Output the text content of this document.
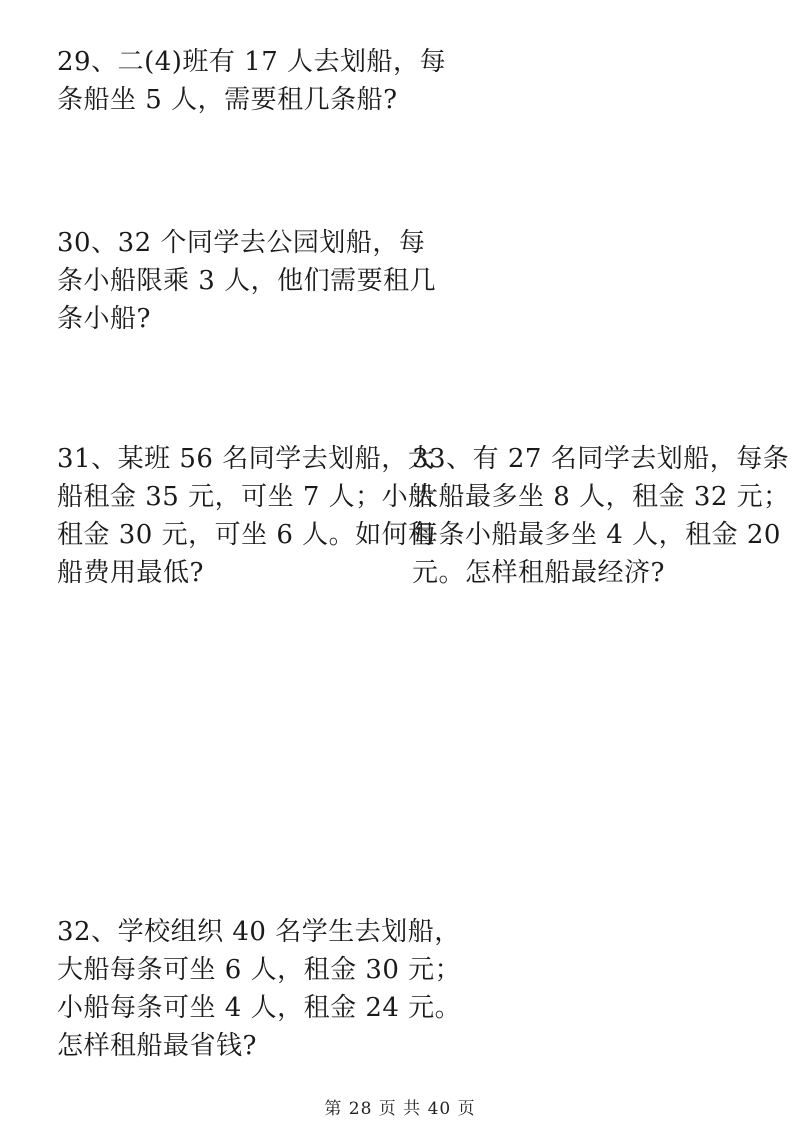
29、二(4)班有 17 人去划船，每
条船坐 5 人，需要租几条船?
30、32 个同学去公园划船，每
条小船限乘 3 人，他们需要租几
条小船?
31、某班 56 名同学去划船，大
船租金 35 元，可坐 7 人；小船
租金 30 元，可坐 6 人。如何租
船费用最低?
33、有 27 名同学去划船，每条
大船最多坐 8 人，租金 32 元；
每条小船最多坐 4 人，租金 20
元。怎样租船最经济?
32、学校组织 40 名学生去划船，
大船每条可坐 6 人，租金 30 元；
小船每条可坐 4 人，租金 24 元。
怎样租船最省钱?
第 28 页 共 40 页
